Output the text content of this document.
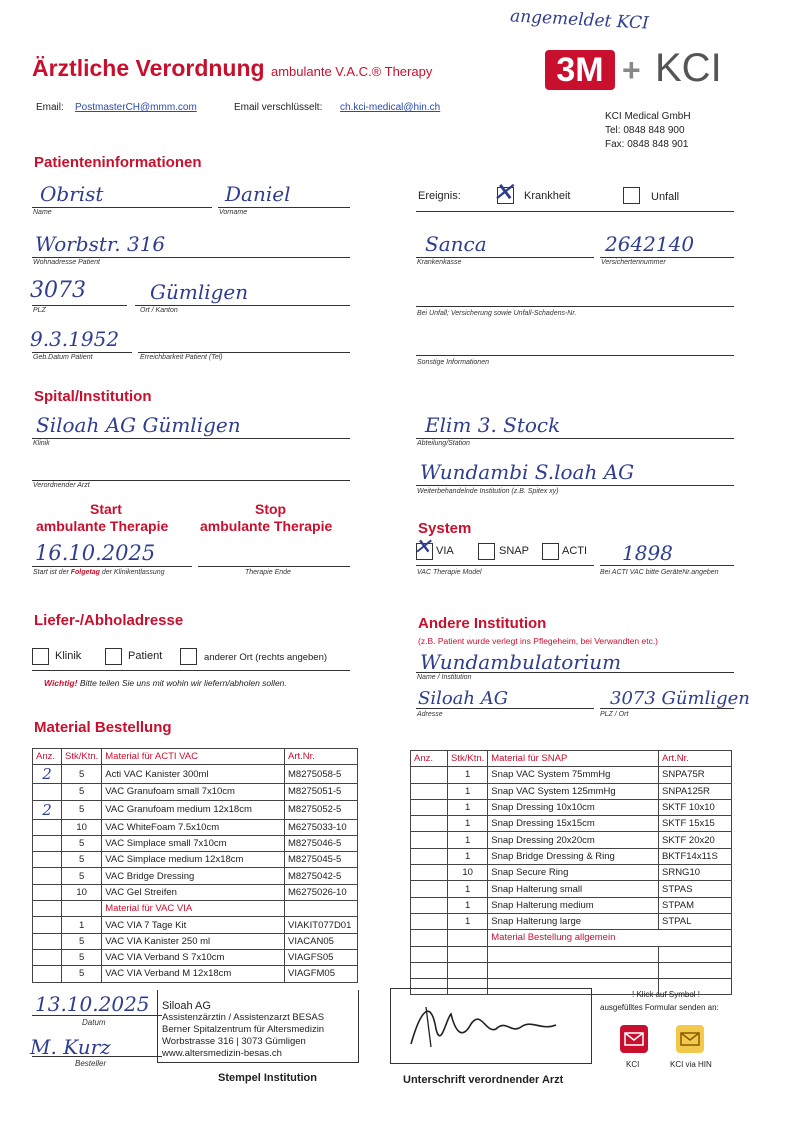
angemeldet KCI
Ärztliche Verordnung ambulante V.A.C.® Therapy	3M + KCI
Email: PostmasterCH@mmm.com	Email verschlüsselt: ch.kci-medical@hin.ch
KCI Medical GmbH
Tel: 0848 848 900
Fax: 0848 848 901
Patienteninformationen
Obrist
Name
Daniel
Vorname
Worbstr. 316
Wohnadresse Patient
3073
PLZ
Gümligen
Ort / Kanton
9.3.1952
Geb.Datum Patient	Erreichbarkeit Patient (Tel)
Ereignis: ✕ Krankheit	Unfall
Sanca
Krankenkasse
2642140
Versichertennummer
Bei Unfall; Versicherung sowie Unfall-Schadens-Nr.
Sonstige Informationen
Spital/Institution
Siloah AG Gümligen
Klinik
Verordnender Arzt
Elim 3. Stock
Abteilung/Station
Wundambi S.loah AG
Weiterbehandelnde Institution (z.B. Spitex xy)
Start
ambulante Therapie
Stop
ambulante Therapie
16.10.2025
Start ist der Folgetag der Klinikentlassung	Therapie Ende
System
✕ VIA	SNAP	ACTI 1898
VAC Therapie Model	Bei ACTI VAC bitte GeräteNr.angeben
Liefer-/Abholadresse
Klinik	Patient	anderer Ort (rechts angeben)
Wichtig! Bitte teilen Sie uns mit wohin wir liefern/abholen sollen.
Andere Institution
(z.B. Patient wurde verlegt ins Pflegeheim, bei Verwandten etc.)
Wundambulatorium
Name / Institution
Siloah AG	3073 Gümligen
Adresse	PLZ / Ort
Material Bestellung
Anz.	Stk/Ktn.	Material für ACTI VAC	Art.Nr.
2	5	Acti VAC Kanister 300ml	M8275058-5
	5	VAC Granufoam small 7x10cm	M8275051-5
2	5	VAC Granufoam medium 12x18cm	M8275052-5
	10	VAC WhiteFoam 7.5x10cm	M6275033-10
	5	VAC Simplace small 7x10cm	M8275046-5
	5	VAC Simplace medium 12x18cm	M8275045-5
	5	VAC Bridge Dressing	M8275042-5
	10	VAC Gel Streifen	M6275026-10
		Material für VAC VIA	
	1	VAC VIA 7 Tage Kit	VIAKIT077D01
	5	VAC VIA Kanister 250 ml	VIACAN05
	5	VAC VIA Verband S 7x10cm	VIAGFS05
	5	VAC VIA Verband M 12x18cm	VIAGFM05
Anz.	Stk/Ktn.	Material für SNAP	Art.Nr.
	1	Snap VAC System 75mmHg	SNPA75R
	1	Snap VAC System 125mmHg	SNPA125R
	1	Snap Dressing 10x10cm	SKTF 10x10
	1	Snap Dressing 15x15cm	SKTF 15x15
	1	Snap Dressing 20x20cm	SKTF 20x20
	1	Snap Bridge Dressing & Ring	BKTF14x11S
	10	Snap Secure Ring	SRNG10
	1	Snap Halterung small	STPAS
	1	Snap Halterung medium	STPAM
	1	Snap Halterung large	STPAL
		Material Bestellung allgemein	

13.10.2025
Datum
M. Kurz
Besteller
Siloah AG
Assistenzärztin / Assistenzarzt BESAS
Berner Spitalzentrum für Altersmedizin
Worbstrasse 316 | 3073 Gümligen
www.altersmedizin-besas.ch
Stempel Institution	Unterschrift verordnender Arzt
! Klick auf Symbol !
ausgefülltes Formular senden an:
KCI	KCI via HIN
